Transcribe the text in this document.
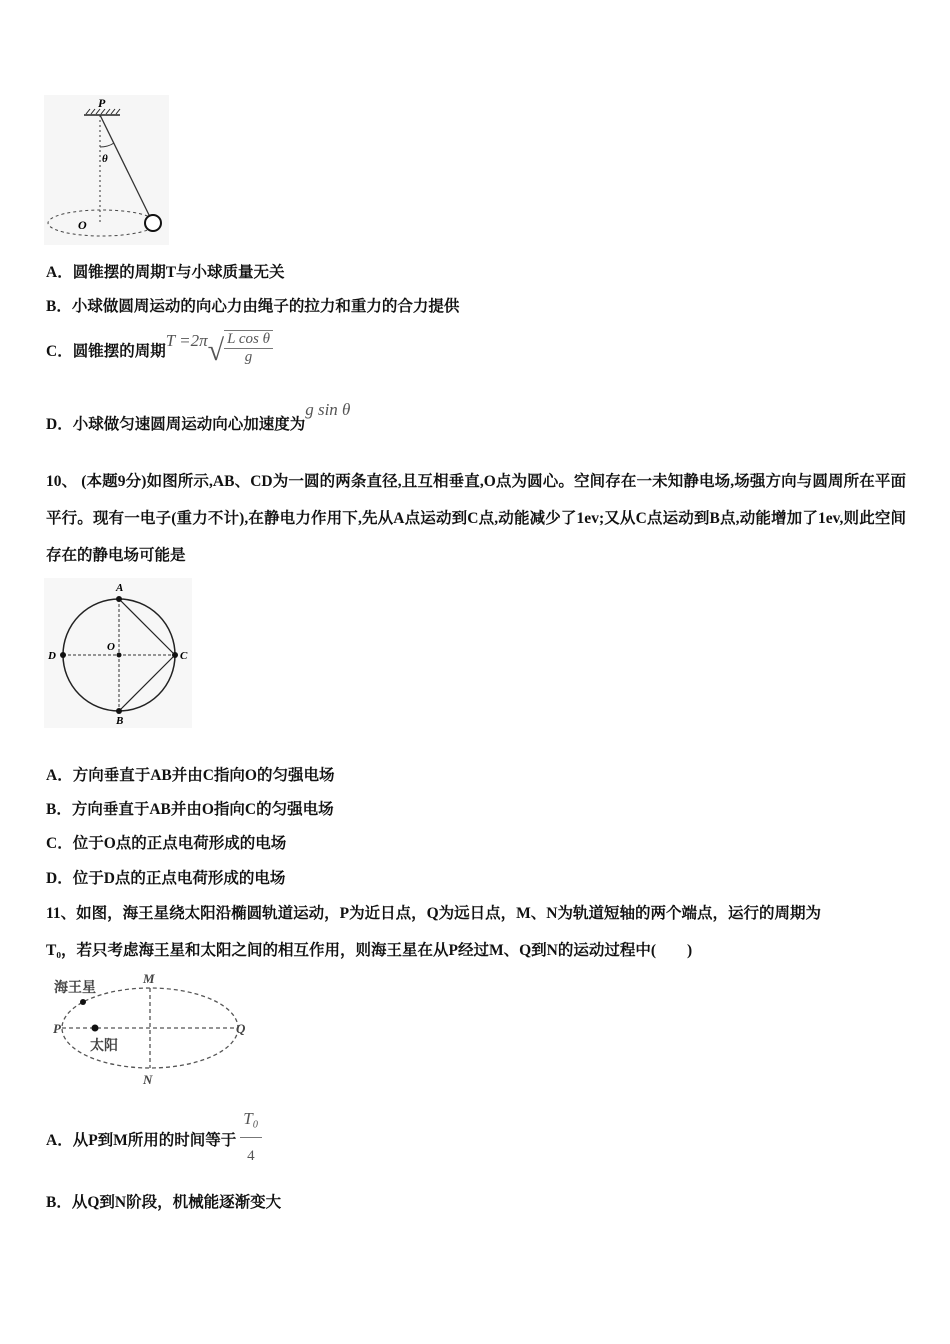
P
θ
O
A．圆锥摆的周期T与小球质量无关
B．小球做圆周运动的向心力由绳子的拉力和重力的合力提供
C．圆锥摆的周期$T =2\pi√ \frac{\text{L cos θ}}{g}$
D．小球做匀速圆周运动向心加速度为g sin θ
10、 (本题9分)如图所示,AB、CD为一圆的两条直径,且互相垂直,O点为圆心。空间存在一未知静电场,场强方向与圆周所在平面平行。现有一电子(重力不计),在静电力作用下,先从A点运动到C点,动能减少了1ev;又从C点运动到B点,动能增加了1ev,则此空间存在的静电场可能是
A
B
C
D
O
A．方向垂直于AB并由C指向O的匀强电场
B．方向垂直于AB并由O指向C的匀强电场
C．位于O点的正点电荷形成的电场
D．位于D点的正点电荷形成的电场
11、如图，海王星绕太阳沿椭圆轨道运动，P为近日点，Q为远日点，M、N为轨道短轴的两个端点，运行的周期为
T₀，若只考虑海王星和太阳之间的相互作用，则海王星在从P经过M、Q到N的运动过程中(　　)
海王星
太阳
P	Q
M
N
A．从P到M所用的时间等于 $\frac{\text{T₀}}{4}$
B．从Q到N阶段，机械能逐渐变大
